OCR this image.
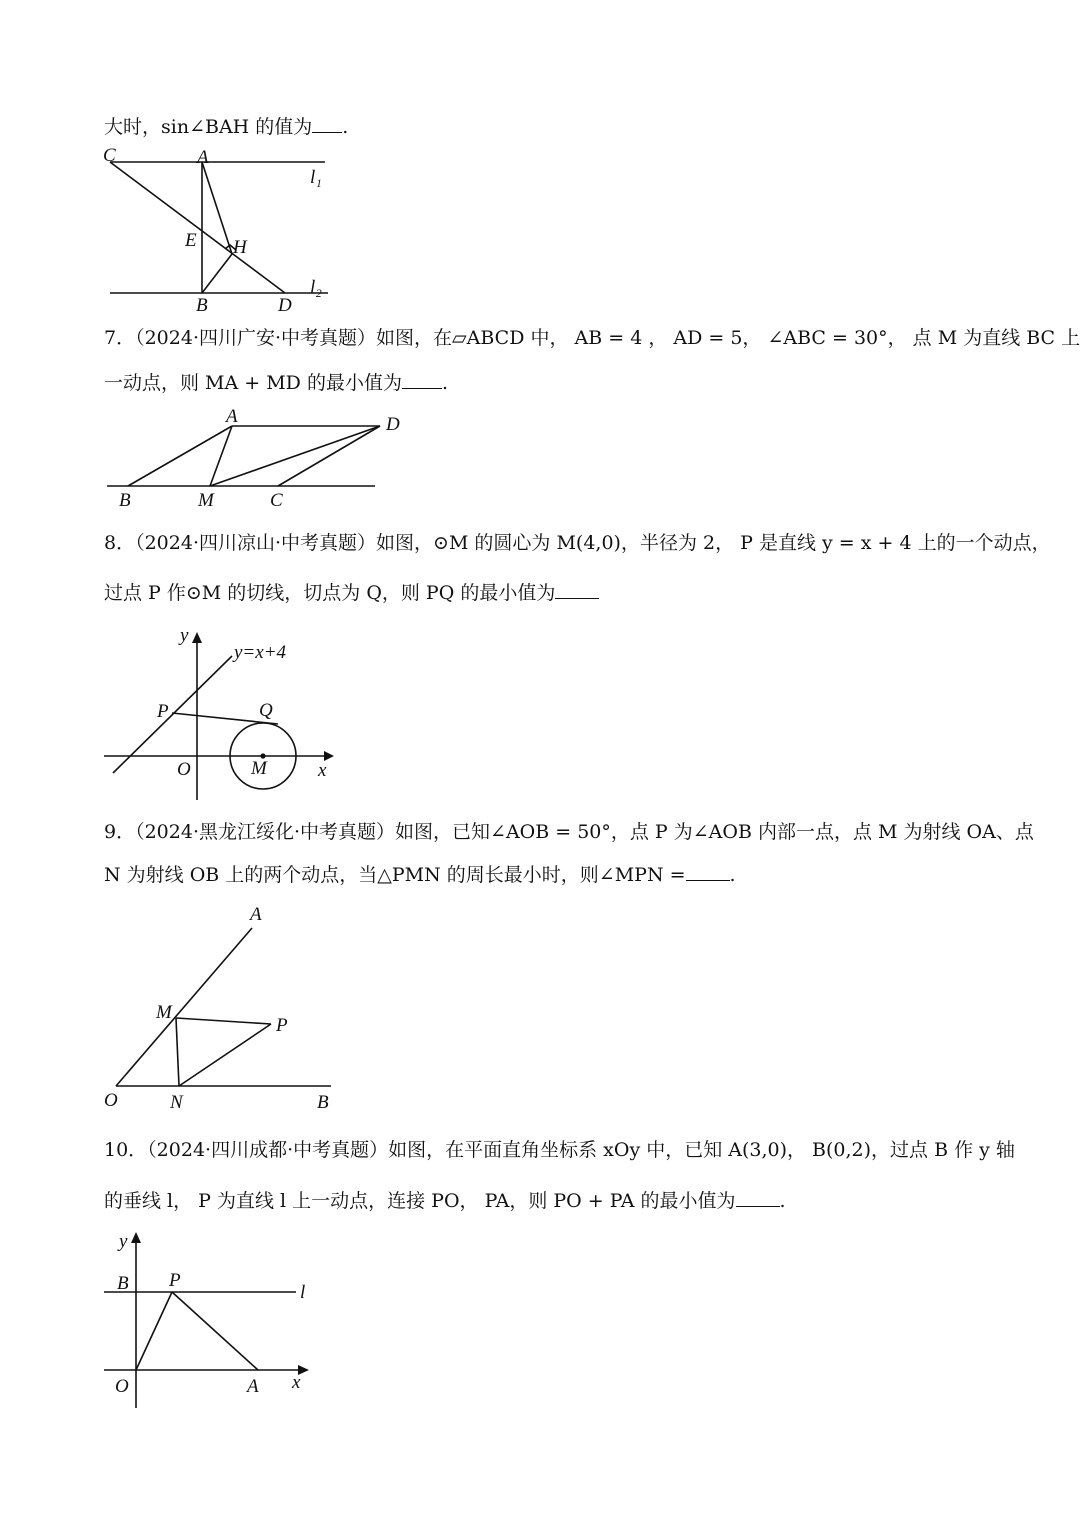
大时，sin∠BAH 的值为 .
C	A
l₁
E H
l₂
B	D
7．（2024·四川广安·中考真题）如图，在▱ABCD 中， AB = 4 ， AD = 5， ∠ABC = 30°， 点 M 为直线 BC 上
一动点，则 MA + MD 的最小值为 .
A	D
B	M	C
8．（2024·四川凉山·中考真题）如图，⊙M 的圆心为 M(4,0)，半径为 2， P 是直线 y = x + 4 上的一个动点，
过点 P 作⊙M 的切线，切点为 Q，则 PQ 的最小值为
y
y=x+4
P	Q
O	M	x
9．（2024·黑龙江绥化·中考真题）如图，已知∠AOB = 50°，点 P 为∠AOB 内部一点，点 M 为射线 OA、点
N 为射线 OB 上的两个动点，当△PMN 的周长最小时，则∠MPN = .
A
M
P
O	N	B
10．（2024·四川成都·中考真题）如图，在平面直角坐标系 xOy 中，已知 A(3,0)， B(0,2)，过点 B 作 y 轴
的垂线 l， P 为直线 l 上一动点，连接 PO， PA，则 PO + PA 的最小值为 .
y
B P
l
O	A x
